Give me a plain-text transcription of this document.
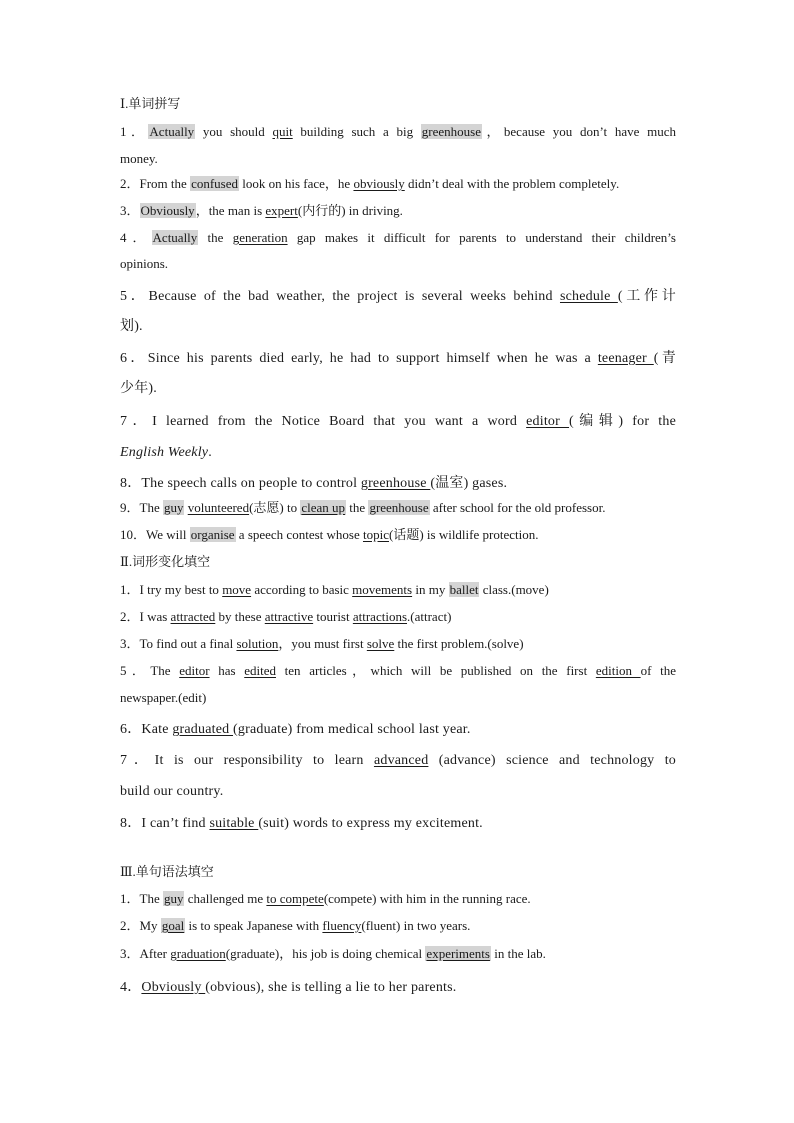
Ⅰ.单词拼写
1．Actually you should quit building such a big greenhouse，because you don’t have much
money.
2．From the confused look on his face，he obviously didn’t deal with the problem completely.
3．Obviously，the man is expert(内行的) in driving.
4．Actually the generation gap makes it difficult for parents to understand their children’s
opinions.
5．Because of the bad weather, the project is several weeks behind schedule (工作计
划).
6．Since his parents died early, he had to support himself when he was a teenager (青
少年).
7．I learned from the Notice Board that you want a word editor (编辑) for the
English Weekly.
8．The speech calls on people to control greenhouse (温室) gases.
9．The guy volunteered(志愿) to clean up the greenhouse after school for the old professor.
10．We will organise a speech contest whose topic(话题) is wildlife protection.
Ⅱ.词形变化填空
1．I try my best to move according to basic movements in my ballet class.(move)
2．I was attracted by these attractive tourist attractions.(attract)
3．To find out a final solution，you must first solve the first problem.(solve)
5．The editor has edited ten articles，which will be published on the first edition of the
newspaper.(edit)
6．Kate graduated (graduate) from medical school last year.
7．It is our responsibility to learn advanced (advance) science and technology to
build our country.
8．I can’t find suitable (suit) words to express my excitement.
Ⅲ.单句语法填空
1．The guy challenged me to compete(compete) with him in the running race.
2．My goal is to speak Japanese with fluency(fluent) in two years.
3．After graduation(graduate)，his job is doing chemical experiments in the lab.
4．Obviously (obvious), she is telling a lie to her parents.
